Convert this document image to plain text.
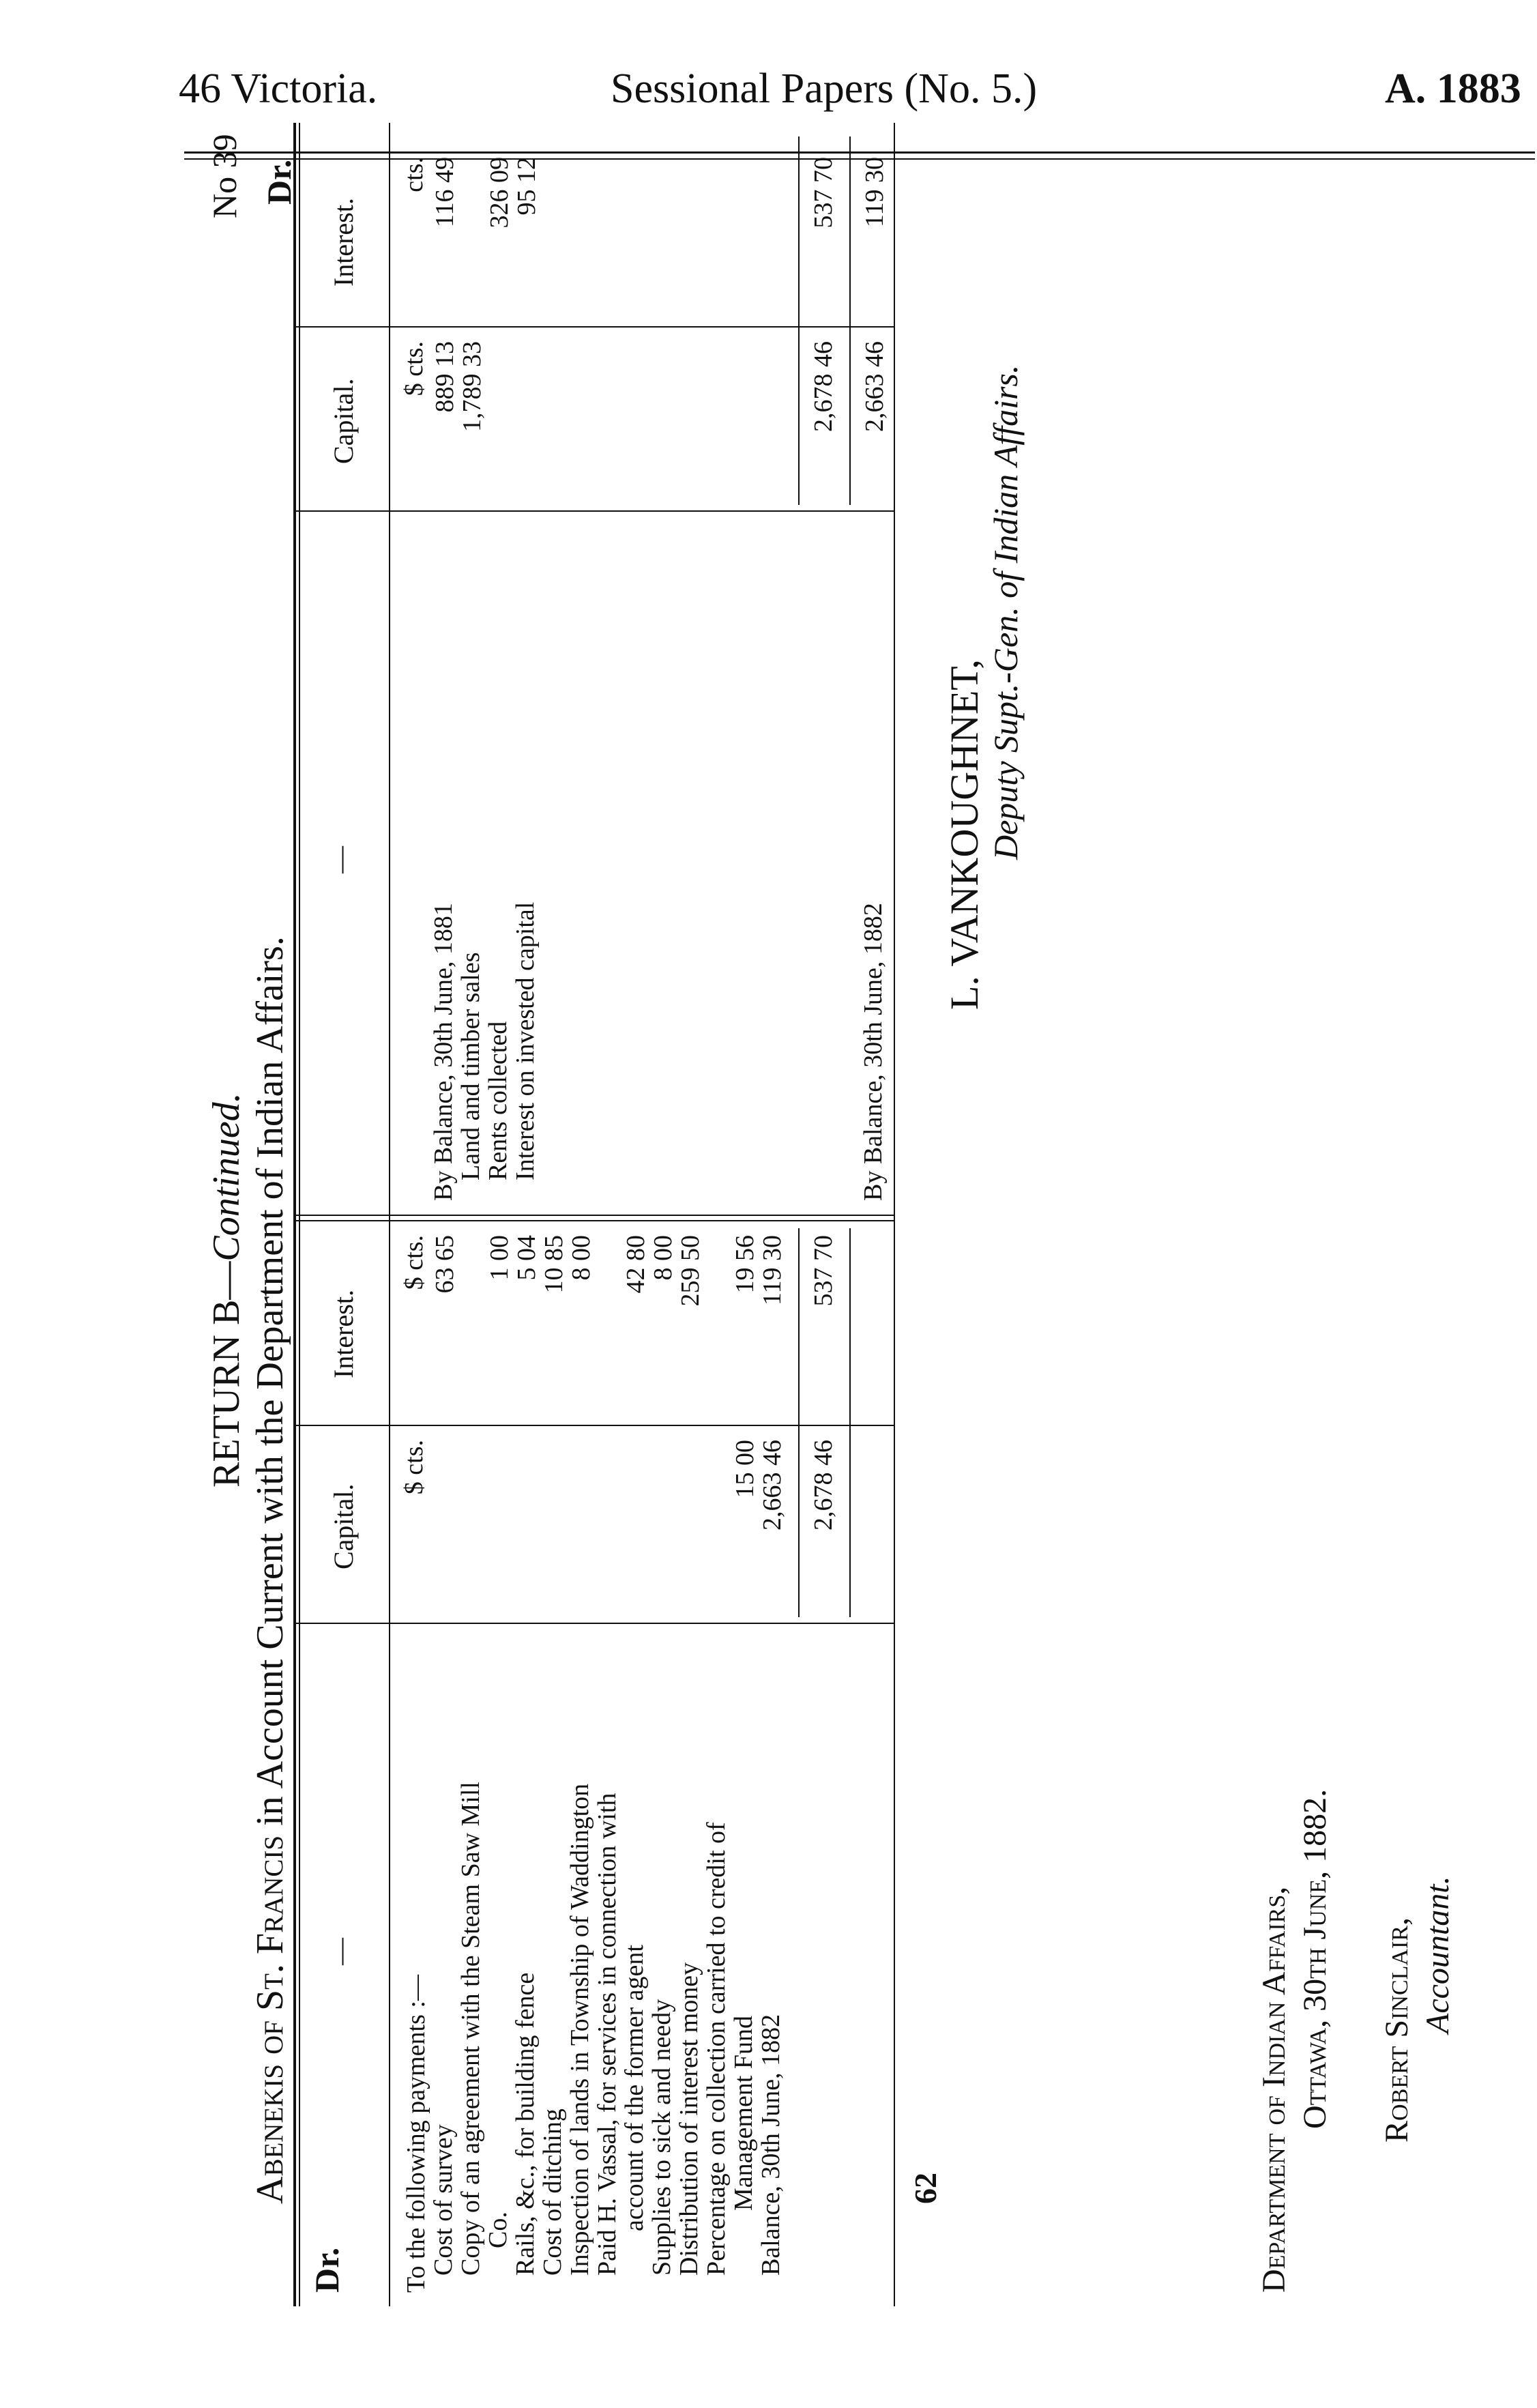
46 Victoria.	Sessional Papers (No. 5.)	A. 1883
RETURN B—Continued.
Abenekis of St. Francis in Account Current with the Department of Indian Affairs.
No 39
Dr.
Dr.
—
Capital.
Interest.
$ cts.
$ cts.
To the following payments :—
Cost of survey
63 65
Copy of an agreement with the Steam Saw Mill
Co.
1 00
Rails, &c., for building fence
5 04
Cost of ditching
10 85
Inspection of lands in Township of Waddington
8 00
Paid H. Vassal, for services in connection with
account of the former agent
42 80
Supplies to sick and needy
8 00
Distribution of interest money
259 50
Percentage on collection carried to credit of
Management Fund
15 00
19 56
Balance, 30th June, 1882
2,663 46
119 30
2,678 46
537 70
—
Capital.
Interest.
$ cts.
cts.
By Balance, 30th June, 1881
889 13
116 49
Land and timber sales
1,789 33
Rents collected
326 09
Interest on invested capital
95 12
2,678 46
537 70
By Balance, 30th June, 1882
2,663 46
119 30
62
L. VANKOUGHNET, Deputy Supt.-Gen. of Indian Affairs.
Department of Indian Affairs, Ottawa, 30th June, 1882. Robert Sinclair, Accountant.
